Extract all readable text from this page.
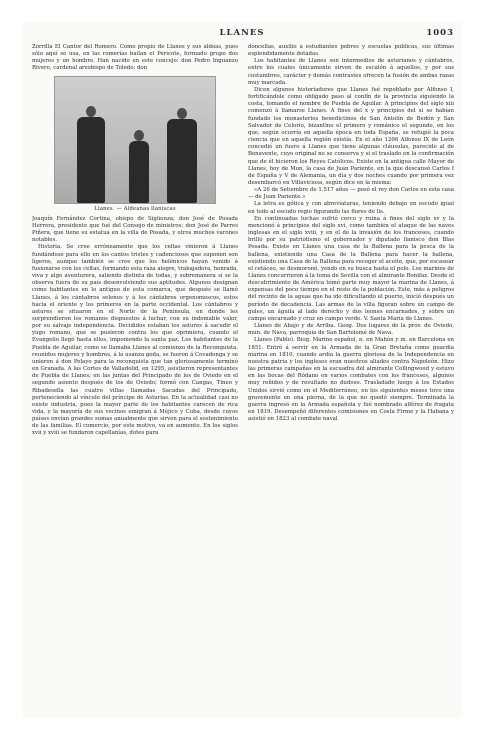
LLANES	1003

Zorrilla El Cantor del Romero. Como propio de Llanes y sus aldeas, pues sólo aquí se usa, en las romerías bailan el Pericote, formado grupo dos mujeres y un hombre. Han nacido en este concejo: don Pedro Inguanzo Rivero, cardenal arzobispo de Toledo; don

Llanes. — Aldeanas llaniscas

Joaquín Fernández Cortina, obispo de Sigüenza; don José de Posada Herrera, presidente que fué del Consejo de ministros; don José de Parres Piñera, que tiene su estatua en la villa de Posada, y otros muchos varones notables.

Historia. Se cree erróneamente que los celtas vinieron á Llanes fundándose para ello en los cantos tristes y cadenciosos que suponen son ligeros, aunque también se cree que los helénicos hayan venido á fusionarse con los celtas, formando esta raza alegre, trabajadora, honrada, viva y algo aventurera, saliendo distinta de todas, y sobremanera si se la observa fuera de su país desenvolviendo sus aptitudes. Algunos designan como habitantes en lo antiguo de esta comarca, que después se llamó Llanes, á los cántabros selenos y á los cántabros orgenomescos, estos hacia el oriente y los primeros en la parte occidental. Los cántabros y astures se situaron en el Norte de la Península, en donde les sorprendieron los romanos dispuestos á luchar, con su indomable valor, por su salvaje independencia. Decididos estaban los astures á sacudir el yugo romano, que se pusieron contra los que oprimiera, cuando el Evangelio llegó hasta ellos, imponiendo la santa paz. Los habitantes de la Puebla de Aguilar, como se llamaba Llanes al comienzo de la Reconquista, reunidos mujeres y hombres, á la usanza goda, se fueron á Covadonga y se unieron á don Pelayo para la reconquista que tan gloriosamente terminó en Granada. A las Cortes de Valladolid, en 1295, asistieron representantes de Puebla de Llanes; en las juntas del Principado de los de Oviedo en el segundo asiento después de los de Oviedo; formó con Cangas, Tineo y Ribadesella las cuatro villas llamadas Sacadas del Principado, perteneciendo al vínculo del príncipe de Asturias. En la actualidad casi no existe industria, pues la mayor parte de los habitantes carecen de rica vida, y la mayoría de sus vecinos emigran á Méjico y Cuba, desde cuyos países envían grandes sumas anualmente que sirven para el sostenimiento de las familias. El comercio, por este motivo, va en aumento. En los siglos xvii y xviii se fundaron capellanías, dotes para

doncellas, auxilio á estudiantes pobres y escuelas públicas, sus últimas esplendidamente dotadas.

Los habitantes de Llanes son intermedios de asturianos y cántabros, entre los cuales únicamente sirven de escalón á aquellos, y por sus costumbres, carácter y demás contrastes ofrecen la fusión de ambas razas muy marcada.

Dicen algunos historiadores que Llanes fué repoblado por Alfonso I, fortificándole como obligado paso al confín de la provincia siguiendo la costa, tomando el nombre de Puebla de Aguilar. A principios del siglo xiii comenzó á llamarse Llanes. A fines del x y principios del xi se habían fundado los monasterios benedictinos de San Antolín de Bedón y San Salvador de Celorio, bizantino el primero y románico el segundo, en los que, según ocurría en aquella época en toda España, se refugió la poca ciencia que en aquella región existía. En el año 1206 Alfonso IX de León concedió un fuero á Llanes que tiene algunas cláusulas, parecido al de Benavente, cuyo original no se conserva y sí el traslado en la confirmación que de él hicieron los Reyes Católicos. Existe en la antigua calle Mayor de Llanes, hoy de Mon, la casa de Juan Pariente, en la que descansó Carlos I de España y V de Alemania, un día y dos noches cuando por primera vez desembarcó en Villaviciosa, según dice en la misma:

«A 26 de Setiembre de 1.517 años — posó el rey don Carlos en esta casa — de Juan Pariente.»

La letra es gótica y con abreviaturas, teniendo debajo un escudo igual en todo al escudo regio figurando las flores de lis.

En continuadas luchas sufrió cerco y ruina á fines del siglo xv y la mencionó á principios del siglo xvi, como también el ataque de las naves inglesas en el siglo xviii, y en el de la invasión de los franceses, cuando brilló por su patriotismo el gobernador y diputado llanisco don Blas Posada. Existe en Llanes una casa de la Ballena para la pesca de la ballena, existiendo una Casa de la Ballena para hacer la ballena, existiendo una Casa de la Ballena para recoger el aceite, que, por escasear el cetáceo, se desmoronó, yendo en su busca hasta el polo. Los marinos de Llanes concurrieron á la toma de Sevilla con el almirante Bonifaz. Desde el descubrimiento de América tomó parte muy mayor la marina de Llanes, á expensas del poco tiempo en el resto de la población. Este, más á peligros del recinto de la aguas que ha ido dificultando el puerto, inició después un período de decadencia. Las armas de la villa figuran sobre un campo de gules, un águila al lado derecho y dos leones encarnados, y sobre un campo encarnado y cruz en campo verde. V. Santa María de Llanes.

Llanes de Abajo y de Arriba. Geog. Dos lugares de la prov. de Oviedo, mun. de Nava, parroquia de San Bartolomé de Nava.

Llanes (Pablo). Biog. Marino español, n. en Mahón y m. en Barcelona en 1851. Entró á servir en la Armada de la Gran Bretaña como guardia marina en 1810, cuando ardía la guerra gloriosa de la Independencia en nuestra patria y los ingleses eran nuestros aliados contra Napoleón. Hizo las primeras campañas en la escuadra del almirante Collingwood y estuvo en las bocas del Ródano en varios combates con los franceses, algunos muy reñidos y de resultado no dudoso. Trasladado luego á los Estados Unidos sirvió como en el Mediterráneo, en los siguientes meses tuvo una gravemente en una pierna, de la que no quedó siempre. Terminada la guerra ingresó en la Armada española y fué nombrado alférez de fragata en 1819. Desempeñó diferentes comisiones en Costa Firme y la Habana y asistió en 1823 al combate naval
